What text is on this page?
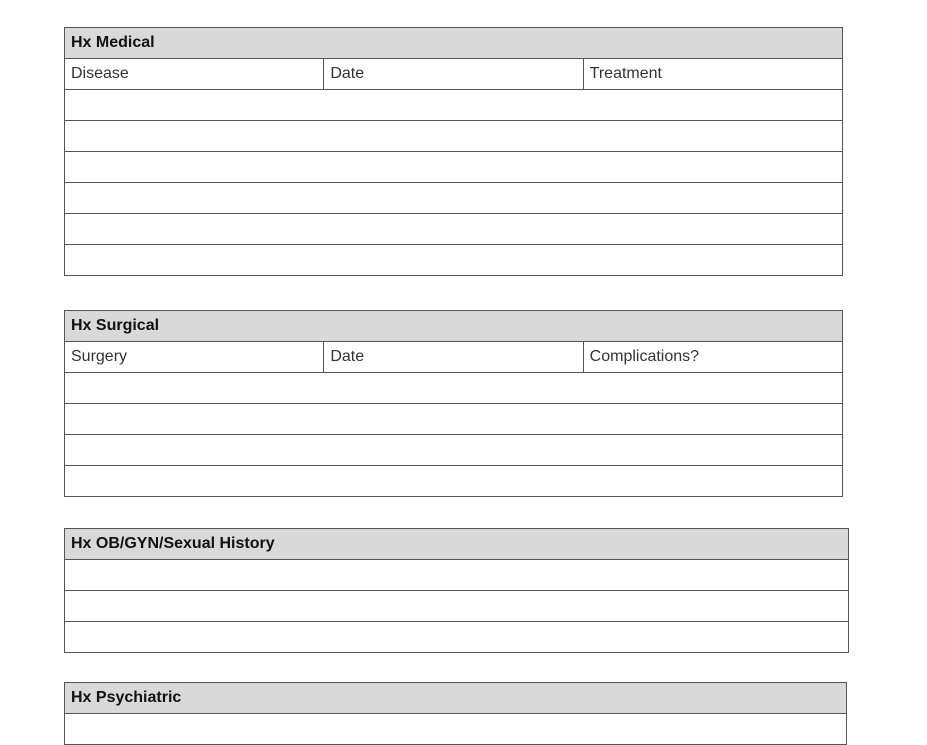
Hx Medical
Disease	Date	Treatment

Hx Surgical
Surgery	Date	Complications?

Hx OB/GYN/Sexual History

Hx Psychiatric
